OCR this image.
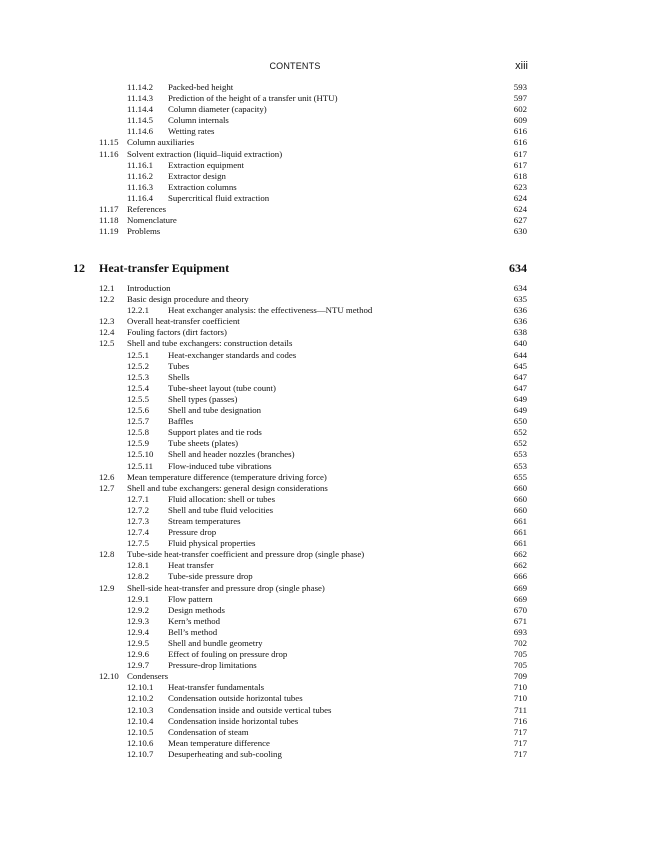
CONTENTS	xiii
11.14.2 Packed-bed height	593
11.14.3 Prediction of the height of a transfer unit (HTU)	597
11.14.4 Column diameter (capacity)	602
11.14.5 Column internals	609
11.14.6 Wetting rates	616
11.15 Column auxiliaries	616
11.16 Solvent extraction (liquid–liquid extraction)	617
11.16.1 Extraction equipment	617
11.16.2 Extractor design	618
11.16.3 Extraction columns	623
11.16.4 Supercritical fluid extraction	624
11.17 References	624
11.18 Nomenclature	627
11.19 Problems	630
12 Heat-transfer Equipment	634
12.1 Introduction	634
12.2 Basic design procedure and theory	635
12.2.1 Heat exchanger analysis: the effectiveness—NTU method	636
12.3 Overall heat-transfer coefficient	636
12.4 Fouling factors (dirt factors)	638
12.5 Shell and tube exchangers: construction details	640
12.5.1 Heat-exchanger standards and codes	644
12.5.2 Tubes	645
12.5.3 Shells	647
12.5.4 Tube-sheet layout (tube count)	647
12.5.5 Shell types (passes)	649
12.5.6 Shell and tube designation	649
12.5.7 Baffles	650
12.5.8 Support plates and tie rods	652
12.5.9 Tube sheets (plates)	652
12.5.10 Shell and header nozzles (branches)	653
12.5.11 Flow-induced tube vibrations	653
12.6 Mean temperature difference (temperature driving force)	655
12.7 Shell and tube exchangers: general design considerations	660
12.7.1 Fluid allocation: shell or tubes	660
12.7.2 Shell and tube fluid velocities	660
12.7.3 Stream temperatures	661
12.7.4 Pressure drop	661
12.7.5 Fluid physical properties	661
12.8 Tube-side heat-transfer coefficient and pressure drop (single phase)	662
12.8.1 Heat transfer	662
12.8.2 Tube-side pressure drop	666
12.9 Shell-side heat-transfer and pressure drop (single phase)	669
12.9.1 Flow pattern	669
12.9.2 Design methods	670
12.9.3 Kern’s method	671
12.9.4 Bell’s method	693
12.9.5 Shell and bundle geometry	702
12.9.6 Effect of fouling on pressure drop	705
12.9.7 Pressure-drop limitations	705
12.10 Condensers	709
12.10.1 Heat-transfer fundamentals	710
12.10.2 Condensation outside horizontal tubes	710
12.10.3 Condensation inside and outside vertical tubes	711
12.10.4 Condensation inside horizontal tubes	716
12.10.5 Condensation of steam	717
12.10.6 Mean temperature difference	717
12.10.7 Desuperheating and sub-cooling	717
